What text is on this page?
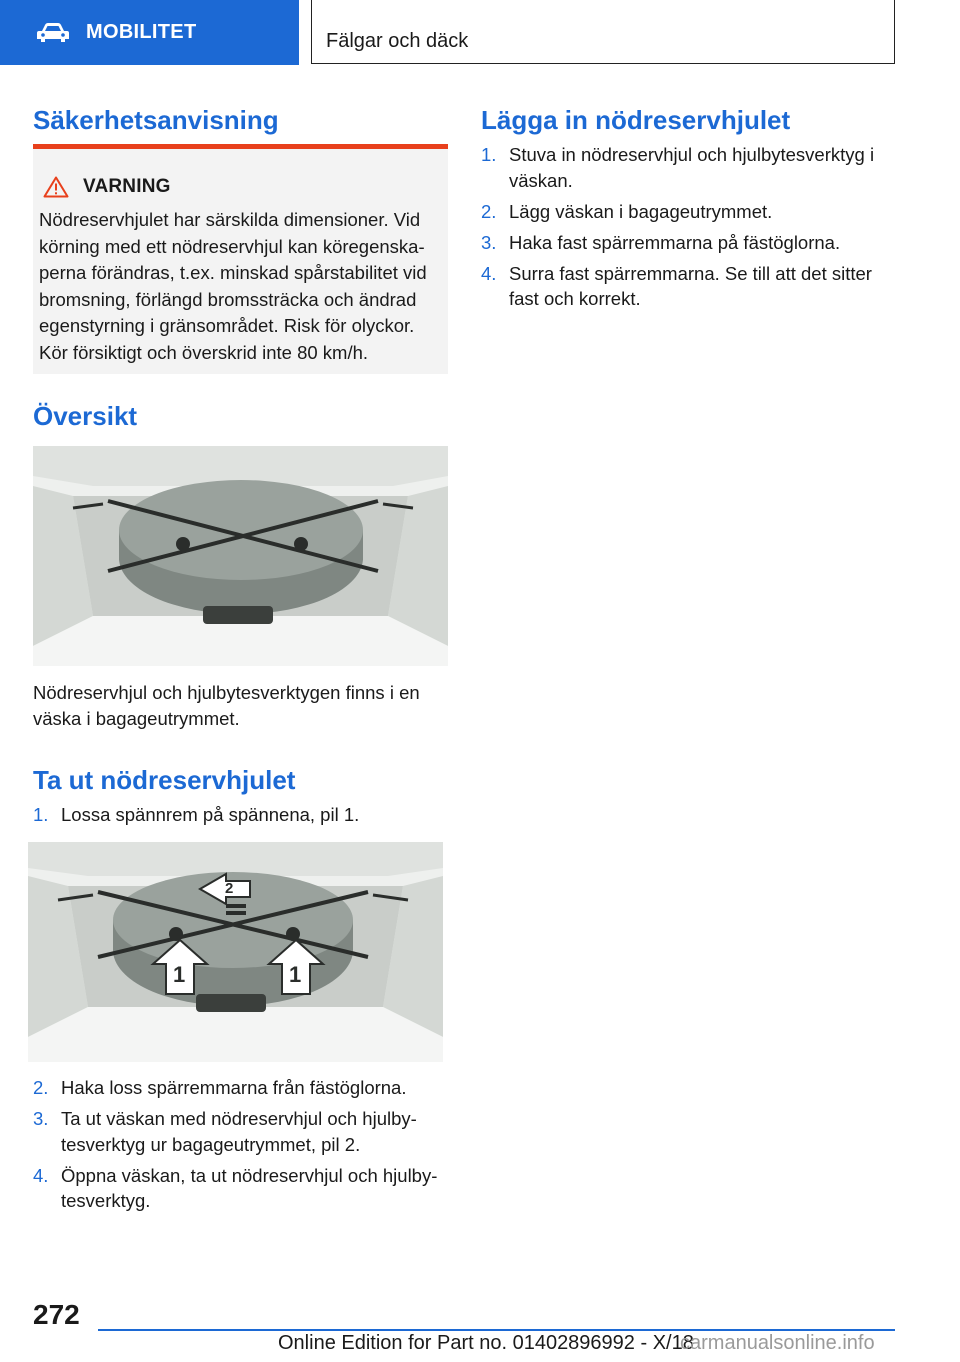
MOBILITET	Fälgar och däck
Säkerhetsanvisning
VARNING
Nödreservhjulet har särskilda dimensioner. Vid körning med ett nödreservhjul kan köregenska- perna förändras, t.ex. minskad spårstabilitet vid bromsning, förlängd bromssträcka och ändrad egenstyrning i gränsområdet. Risk för olyckor. Kör försiktigt och överskrid inte 80 km/h.
Översikt
Nödreservhjul och hjulbytesverktygen finns i en väska i bagageutrymmet.
Ta ut nödreservhjulet
1. Lossa spännrem på spännena, pil 1.
2
1	1
2. Haka loss spärremmarna från fästöglorna.
3. Ta ut väskan med nödreservhjul och hjulby- tesverktyg ur bagageutrymmet, pil 2.
4. Öppna väskan, ta ut nödreservhjul och hjulby- tesverktyg.
Lägga in nödreservhjulet
1. Stuva in nödreservhjul och hjulbytesverktyg i väskan.
2. Lägg väskan i bagageutrymmet.
3. Haka fast spärremmarna på fästöglorna.
4. Surra fast spärremmarna. Se till att det sitter fast och korrekt.
272
Online Edition for Part no. 01402896992 - X/18
carmanualsonline.info
